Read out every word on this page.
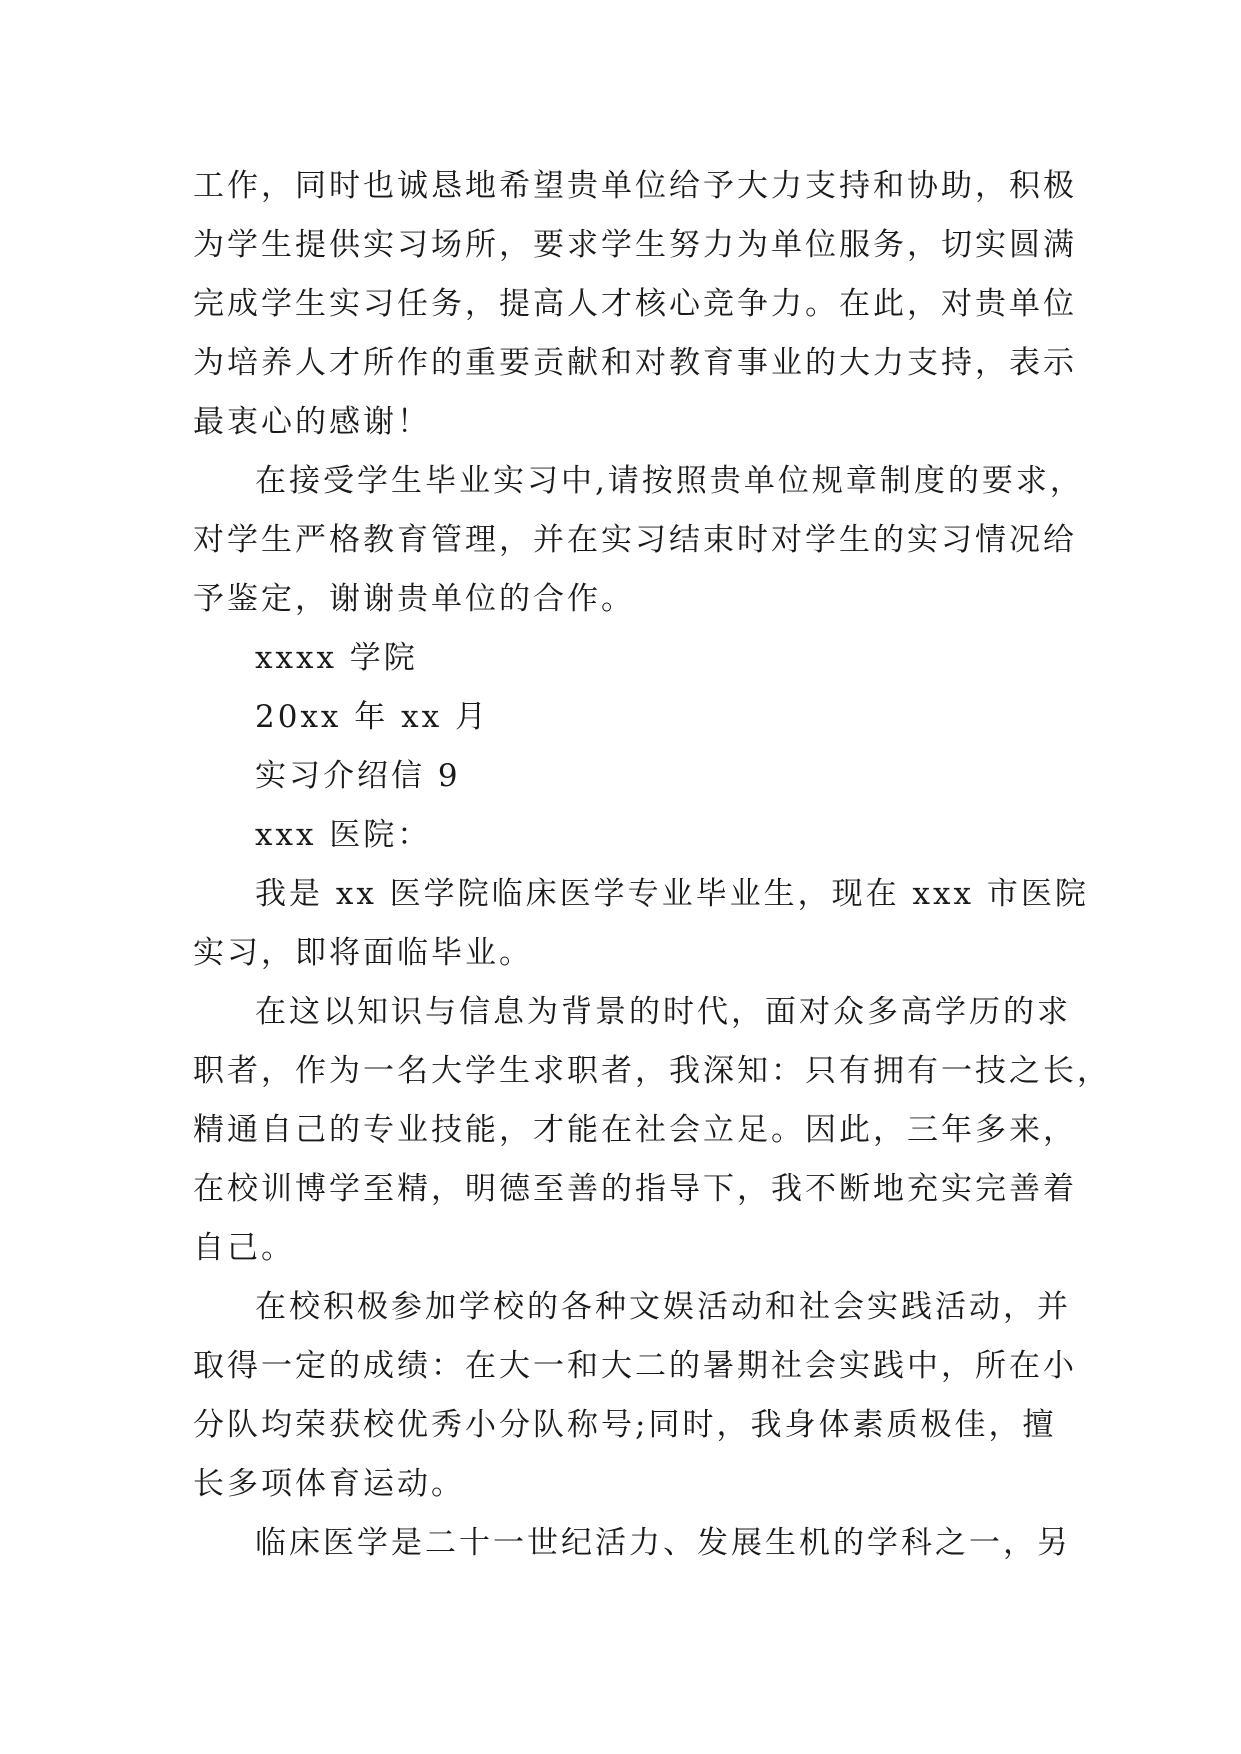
工作，同时也诚恳地希望贵单位给予大力支持和协助，积极
为学生提供实习场所，要求学生努力为单位服务，切实圆满
完成学生实习任务，提高人才核心竞争力。在此，对贵单位
为培养人才所作的重要贡献和对教育事业的大力支持，表示
最衷心的感谢！
在接受学生毕业实习中,请按照贵单位规章制度的要求，
对学生严格教育管理，并在实习结束时对学生的实习情况给
予鉴定，谢谢贵单位的合作。
xxxx 学院
20xx 年 xx 月
实习介绍信 9
xxx 医院：
我是 xx 医学院临床医学专业毕业生，现在 xxx 市医院
实习，即将面临毕业。
在这以知识与信息为背景的时代，面对众多高学历的求
职者，作为一名大学生求职者，我深知：只有拥有一技之长，
精通自己的专业技能，才能在社会立足。因此，三年多来，
在校训博学至精，明德至善的指导下，我不断地充实完善着
自己。
在校积极参加学校的各种文娱活动和社会实践活动，并
取得一定的成绩：在大一和大二的暑期社会实践中，所在小
分队均荣获校优秀小分队称号;同时，我身体素质极佳，擅
长多项体育运动。
临床医学是二十一世纪活力、发展生机的学科之一，另
